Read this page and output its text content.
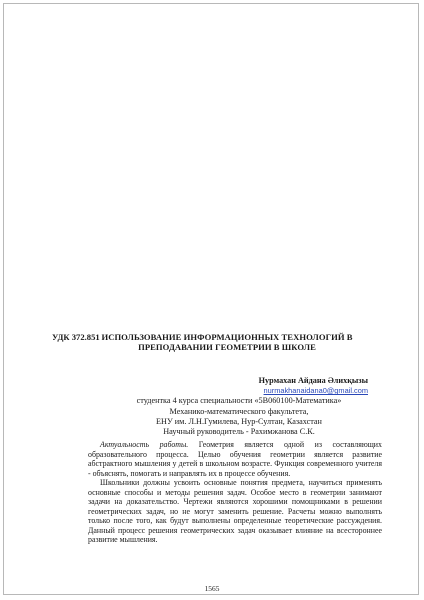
УДК 372.851 ИСПОЛЬЗОВАНИЕ ИНФОРМАЦИОННЫХ ТЕХНОЛОГИЙ В
ПРЕПОДАВАНИИ ГЕОМЕТРИИ В ШКОЛЕ
Нурмахан Айдана Әлихқызы
nurmakhanaidana0@gmail.com
студентка 4 курса специальности «5B060100-Математика»
Механико-математического факультета,
ЕНУ им. Л.Н.Гумилева, Нур-Султан, Казахстан
Научный руководитель - Рахимжанова С.К.

Актуальность работы. Геометрия является одной из составляющих образовательного процесса. Целью обучения геометрии является развитие абстрактного мышления у детей в школьном возрасте. Функция современного учителя - объяснять, помогать и направлять их в процессе обучения.

Школьники должны усвоить основные понятия предмета, научиться применять основные способы и методы решения задач. Особое место в геометрии занимают задачи на доказательство. Чертежи являются хорошими помощниками в решении геометрических задач, но не могут заменить решение. Расчеты можно выполнять только после того, как будут выполнены определенные теоретические рассуждения. Данный процесс решения геометрических задач оказывает влияние на всестороннее развитие мышления.

1565
